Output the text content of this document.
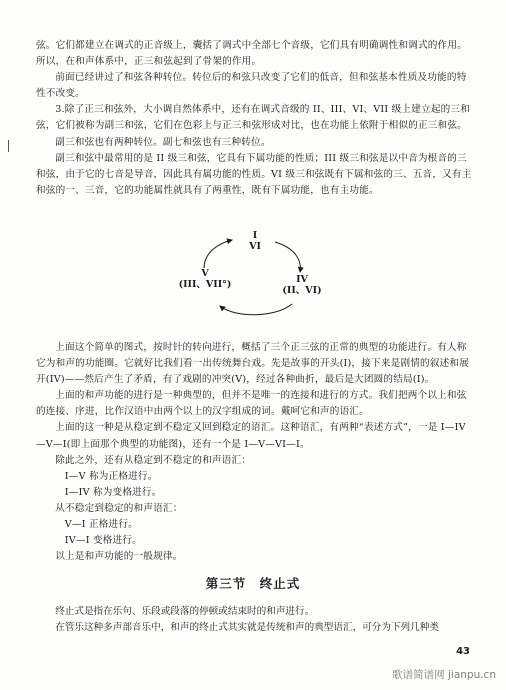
弦。它们都建立在调式的正音级上，囊括了调式中全部七个音级，它们具有明确调性和调式的作用。所以，在和声体系中，正三和弦起到了骨架的作用。

前面已经讲过了和弦各种转位。转位后的和弦只改变了它们的低音，但和弦基本性质及功能的特性不改变。

3.除了正三和弦外，大小调自然体系中，还有在调式音级的 II、III、VI、VII 级上建立起的三和弦，它们被称为副三和弦，它们在色彩上与正三和弦形成对比，也在功能上依附于相似的正三和弦。

副三和弦也有两种转位。副七和弦也有三种转位。

副三和弦中最常用的是 II 级三和弦，它具有下属功能的性质；III 级三和弦是以中音为根音的三和弦，由于它的七音是导音，因此具有属功能的性质。VI 级三和弦既有下属和弦的三、五音，又有主和弦的一、三音，它的功能属性就具有了两重性，既有下属功能，也有主功能。

I
VI
V
(III、VII°)	IV
(II、VI)

上面这个简单的图式，按时针的转向进行，概括了三个正三弦的正常的典型的功能进行。有人称它为和声的功能圈。它就好比我们看一出传统舞台戏。先是故事的开头(I)，接下来是剧情的叙述和展开(IV)——然后产生了矛盾，有了戏剧的冲突(V)，经过各种曲折，最后是大团圆的结局(I)。

上面的和声功能的进行是一种典型的，但并不是唯一的连接和进行的方式。我们把两个以上和弦的连接、序进，比作汉语中由两个以上的汉字组成的词。戴呵它和声的语汇。

上面的这一种是从稳定到不稳定又回到稳定的语汇。这种语汇，有两种“表述方式”，一是 I—IV—V—I(即上面那个典型的功能图)，还有一个是 I—V—VI—I。

除此之外，还有从稳定到不稳定的和声语汇：

I—V 称为正格进行。

I—IV 称为变格进行。

从不稳定到稳定的和声语汇：

V—I 正格进行。

IV—I 变格进行。

以上是和声功能的一般规律。

第三节　终止式

终止式是指在乐句、乐段或段落的停顿或结束时的和声进行。

在管乐这种多声部音乐中，和声的终止式其实就是传统和声的典型语汇，可分为下列几种类

43
歌谱简谱网 jianpu.cn
